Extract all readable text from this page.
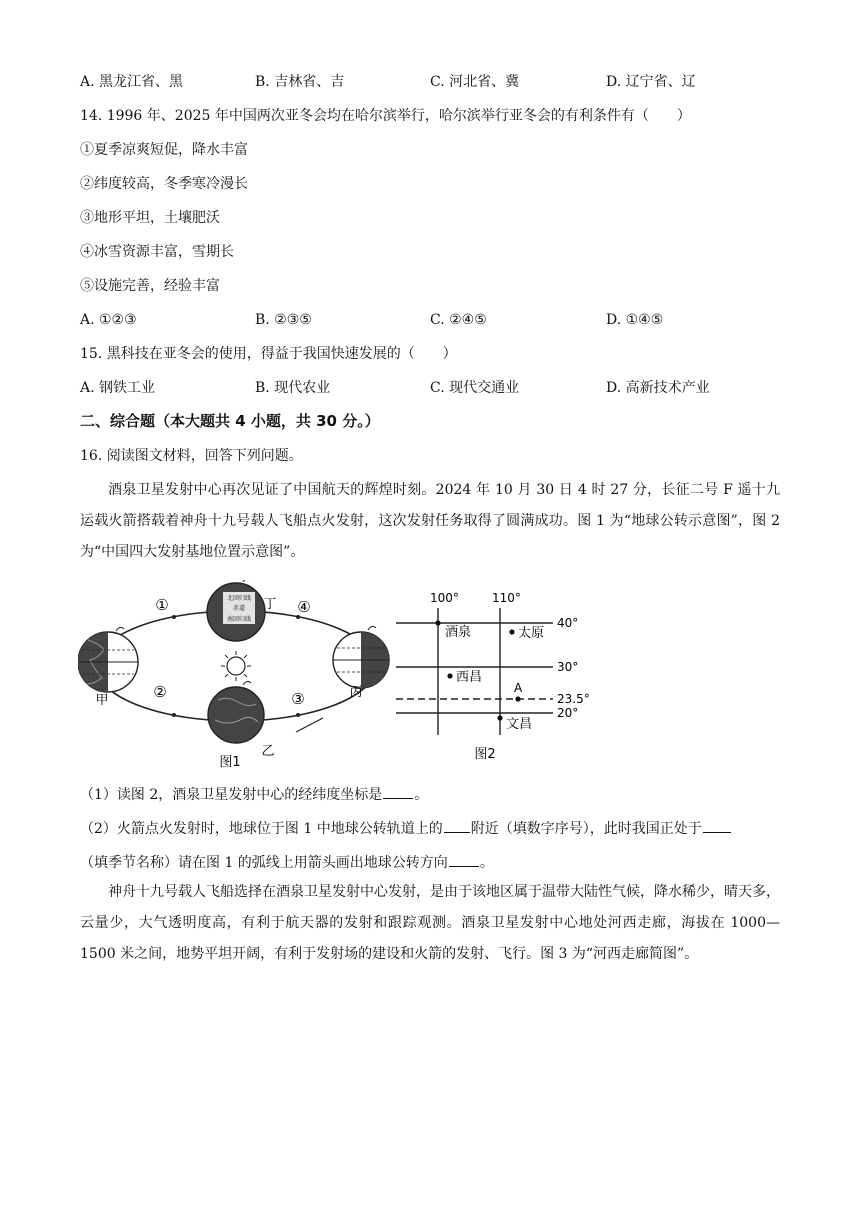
A. 黑龙江省、黑	B. 吉林省、吉	C. 河北省、冀	D. 辽宁省、辽
14. 1996 年、2025 年中国两次亚冬会均在哈尔滨举行，哈尔滨举行亚冬会的有利条件有（　　）
①夏季凉爽短促，降水丰富
②纬度较高，冬季寒冷漫长
③地形平坦，土壤肥沃
④冰雪资源丰富，雪期长
⑤设施完善，经验丰富
A. ①②③	B. ②③⑤	C. ②④⑤	D. ①④⑤
15. 黑科技在亚冬会的使用，得益于我国快速发展的（　　）
A. 钢铁工业	B. 现代农业	C. 现代交通业	D. 高新技术产业
二、综合题（本大题共 4 小题，共 30 分。）
16. 阅读图文材料，回答下列问题。

酒泉卫星发射中心再次见证了中国航天的辉煌时刻。2024 年 10 月 30 日 4 时 27 分，长征二号 F 遥十九运载火箭搭载着神舟十九号载人飞船点火发射，这次发射任务取得了圆满成功。图 1 为“地球公转示意图”，图 2 为“中国四大发射基地位置示意图”。

北回归线
赤道
南回归线
①
②	③
④
甲
乙
丙
丁
图1
100°	110°
40°
30°
23.5°
20°
酒泉	太原
西昌
A
文昌
图2
（1）读图 2，酒泉卫星发射中心的经纬度坐标是 。
（2）火箭点火发射时，地球位于图 1 中地球公转轨道上的 附近（填数字序号），此时我国正处于
（填季节名称）请在图 1 的弧线上用箭头画出地球公转方向 。

神舟十九号载人飞船选择在酒泉卫星发射中心发射，是由于该地区属于温带大陆性气候，降水稀少，晴天多，云量少，大气透明度高，有利于航天器的发射和跟踪观测。酒泉卫星发射中心地处河西走廊，海拔在 1000—1500 米之间，地势平坦开阔，有利于发射场的建设和火箭的发射、飞行。图 3 为“河西走廊简图”。
